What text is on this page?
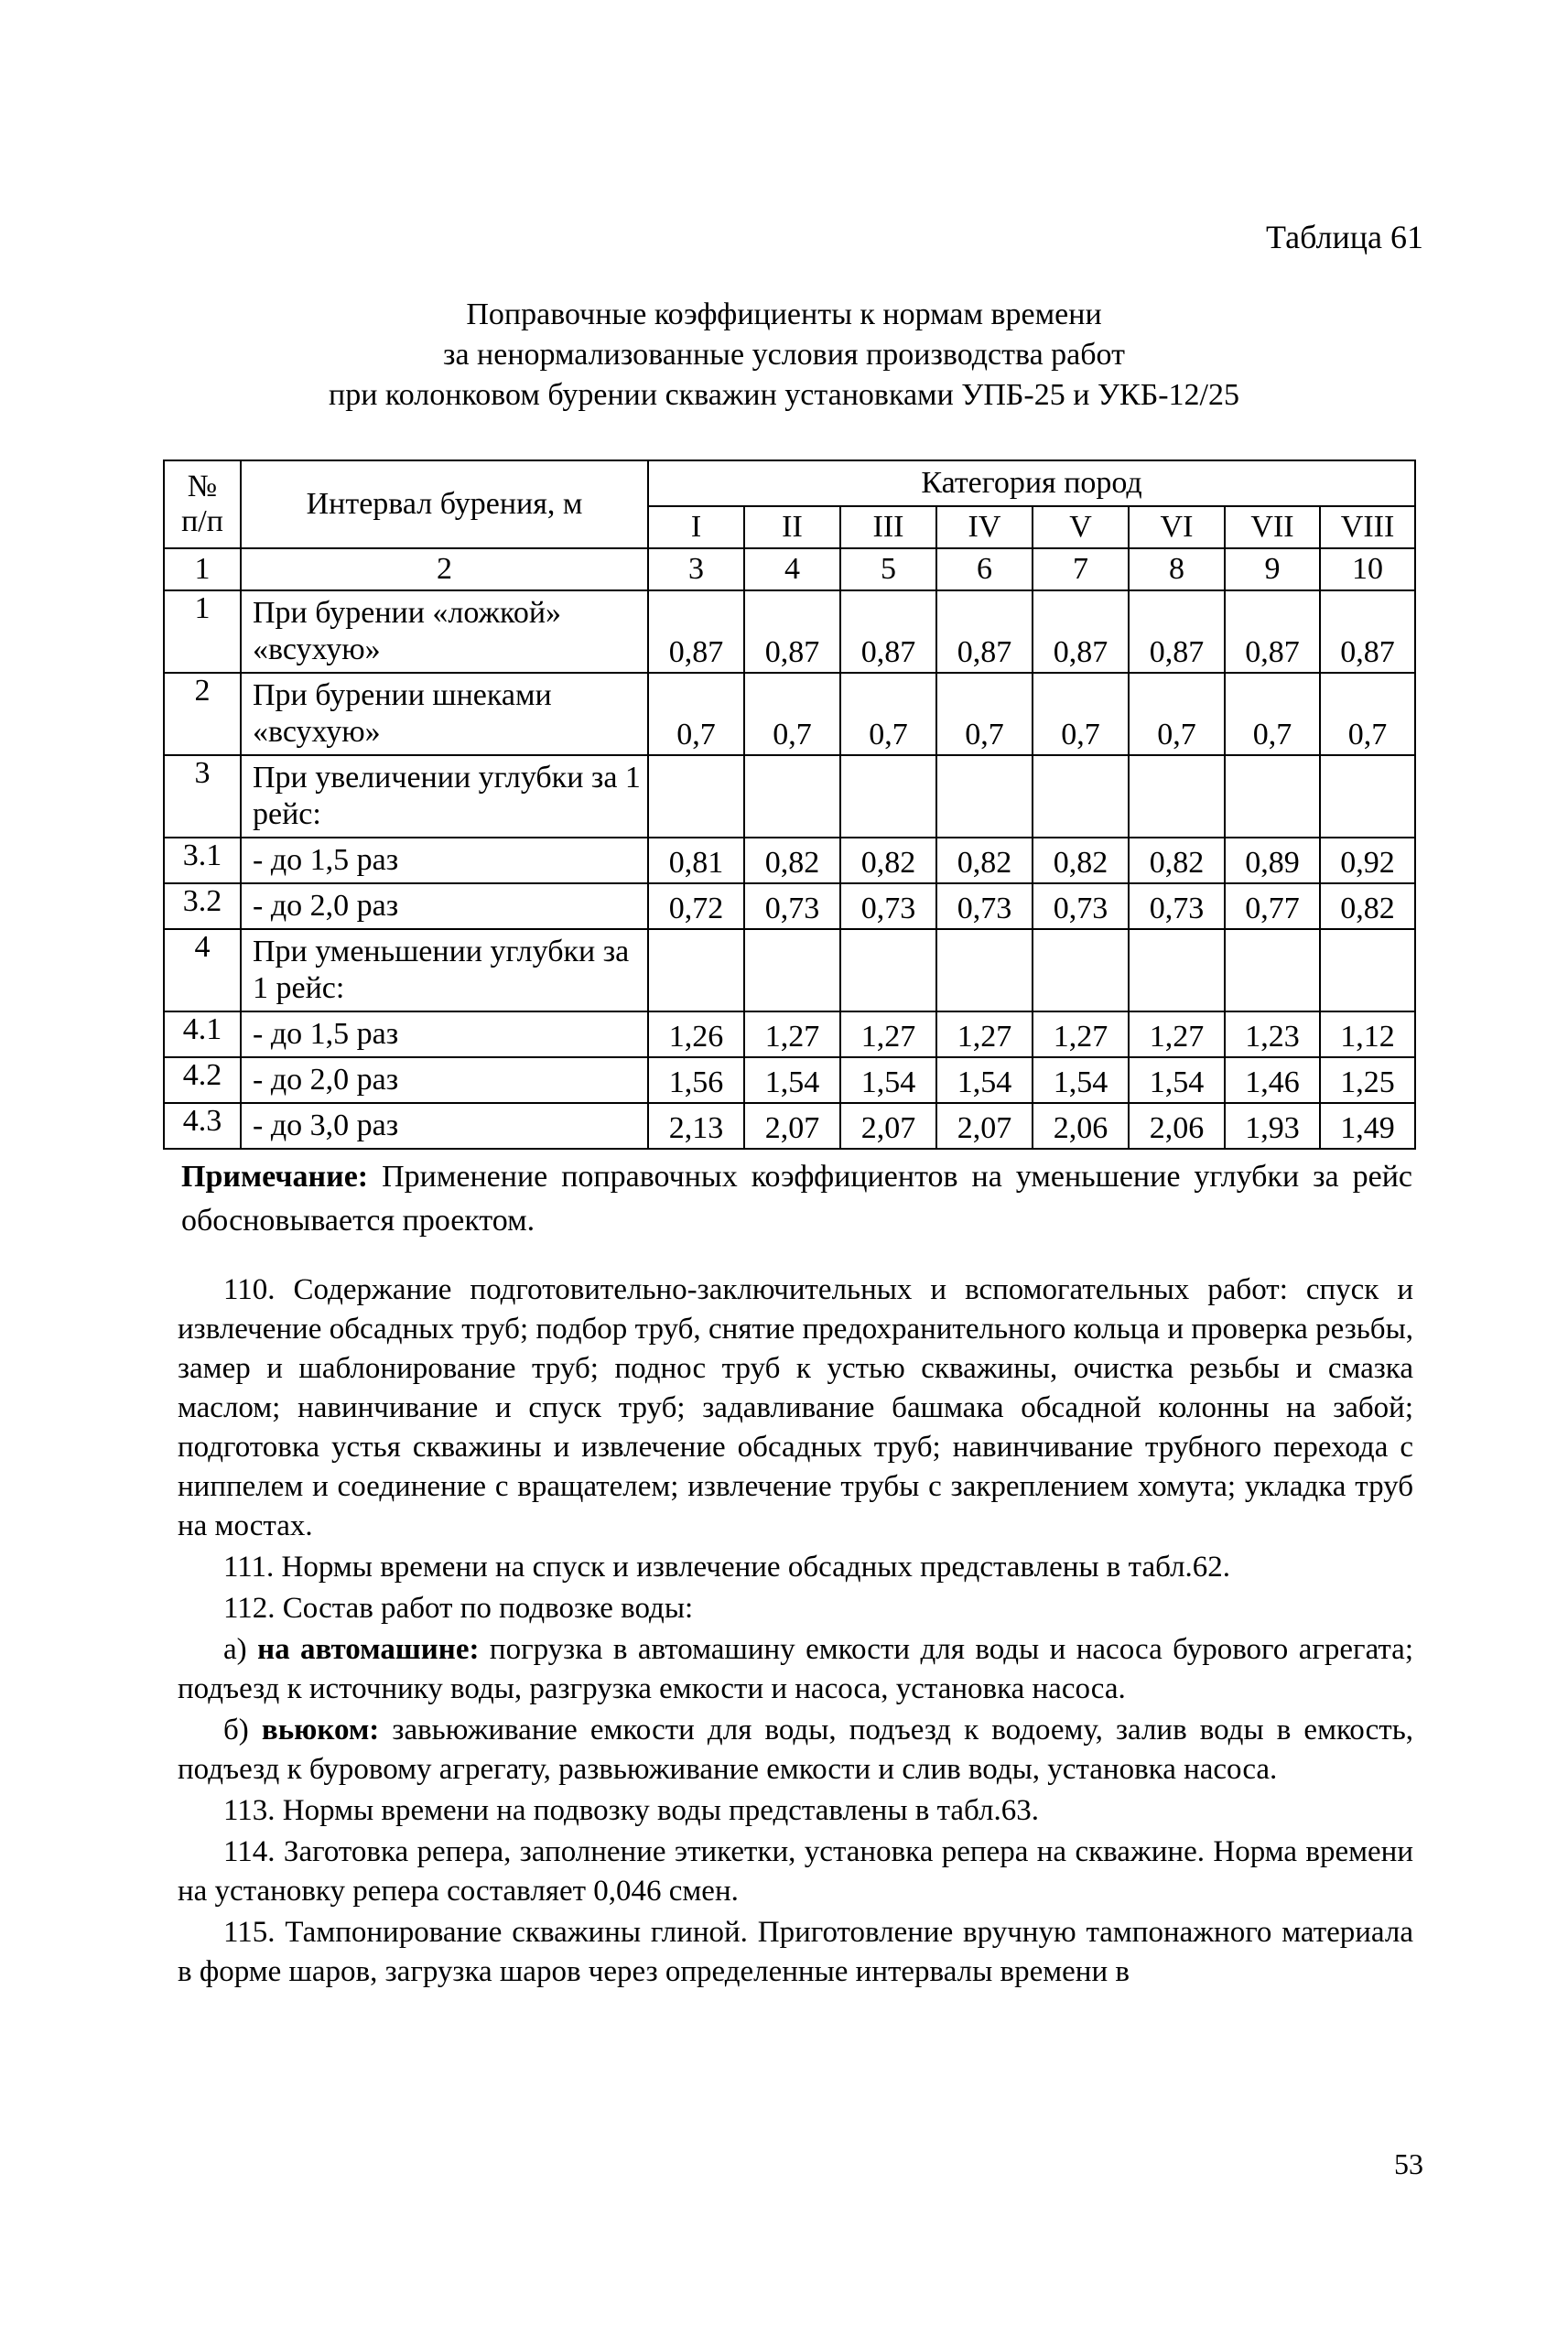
Таблица 61
Поправочные коэффициенты к нормам времени
за ненормализованные условия производства работ
при колонковом бурении скважин установками УПБ-25 и УКБ-12/25
№
п/п	Интервал бурения, м	Категория пород							
		I	II	III	IV	V	VI	VII	VIII
1	2	3	4	5	6	7	8	9	10
1	При бурении «ложкой» «всухую»	0,87	0,87	0,87	0,87	0,87	0,87	0,87	0,87
2	При бурении шнеками «всухую»	0,7	0,7	0,7	0,7	0,7	0,7	0,7	0,7
3	При увеличении углубки за 1 рейс:								
3.1	- до 1,5 раз	0,81	0,82	0,82	0,82	0,82	0,82	0,89	0,92
3.2	- до 2,0 раз	0,72	0,73	0,73	0,73	0,73	0,73	0,77	0,82
4	При уменьшении углубки за 1 рейс:								
4.1	- до 1,5 раз	1,26	1,27	1,27	1,27	1,27	1,27	1,23	1,12
4.2	- до 2,0 раз	1,56	1,54	1,54	1,54	1,54	1,54	1,46	1,25
4.3	- до 3,0 раз	2,13	2,07	2,07	2,07	2,06	2,06	1,93	1,49
Примечание: Применение поправочных коэффициентов на уменьшение углубки за рейс обосновывается проектом.

110. Содержание подготовительно-заключительных и вспомогательных работ: спуск и извлечение обсадных труб; подбор труб, снятие предохранительного кольца и проверка резьбы, замер и шаблонирование труб; поднос труб к устью скважины, очистка резьбы и смазка маслом; навинчивание и спуск труб; задавливание башмака обсадной колонны на забой; подготовка устья скважины и извлечение обсадных труб; навинчивание трубного перехода с ниппелем и соединение с вращателем; извлечение трубы с закреплением хомута; укладка труб на мостах.

111. Нормы времени на спуск и извлечение обсадных представлены в табл.62.

112. Состав работ по подвозке воды:

а) на автомашине: погрузка в автомашину емкости для воды и насоса бурового агрегата; подъезд к источнику воды, разгрузка емкости и насоса, установка насоса.

б) вьюком: завьюживание емкости для воды, подъезд к водоему, залив воды в емкость, подъезд к буровому агрегату, развьюживание емкости и слив воды, установка насоса.

113. Нормы времени на подвозку воды представлены в табл.63.

114. Заготовка репера, заполнение этикетки, установка репера на скважине. Норма времени на установку репера составляет 0,046 смен.

115. Тампонирование скважины глиной. Приготовление вручную тампонажного материала в форме шаров, загрузка шаров через определенные интервалы времени в

53
